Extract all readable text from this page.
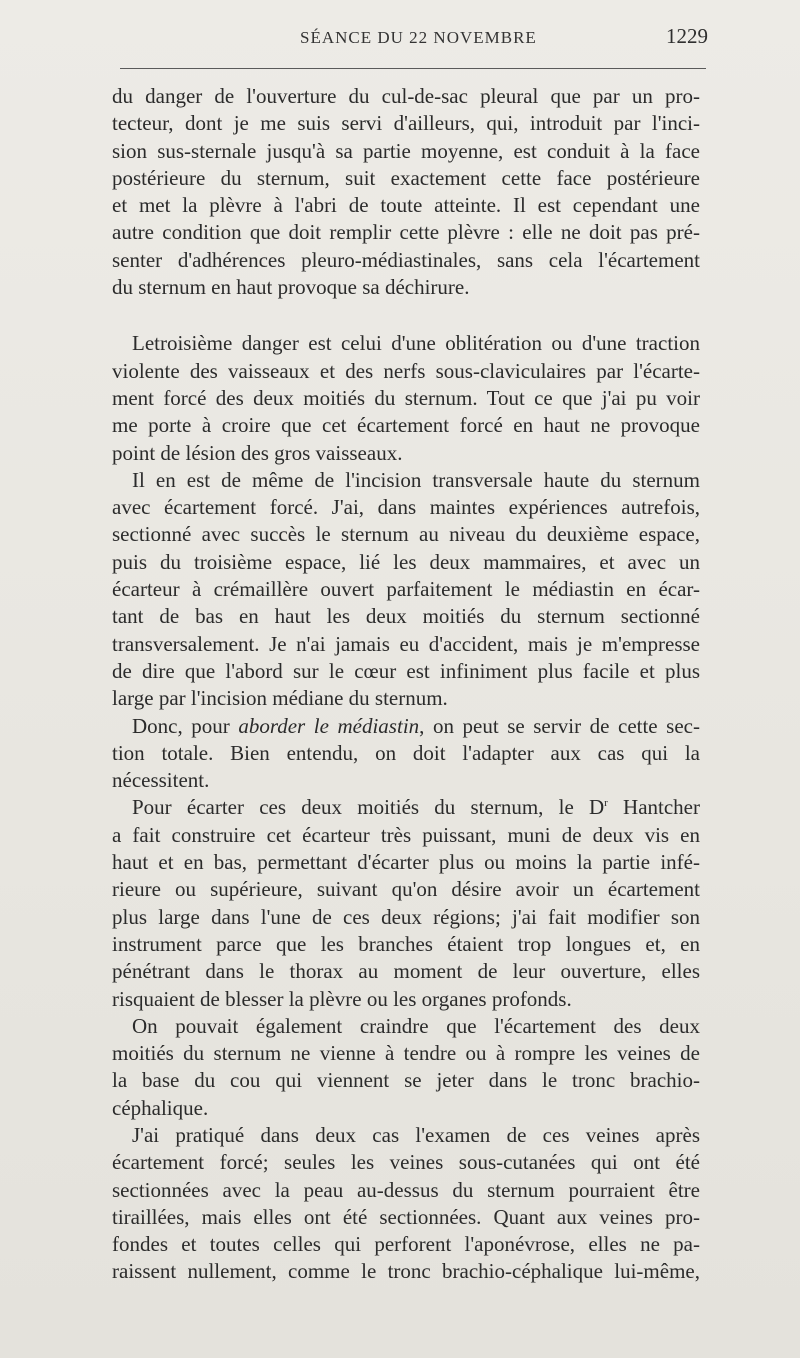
SÉANCE DU 22 NOVEMBRE	1229
du danger de l'ouverture du cul-de-sac pleural que par un pro-
tecteur, dont je me suis servi d'ailleurs, qui, introduit par l'inci-
sion sus-sternale jusqu'à sa partie moyenne, est conduit à la face
postérieure du sternum, suit exactement cette face postérieure
et met la plèvre à l'abri de toute atteinte. Il est cependant une
autre condition que doit remplir cette plèvre : elle ne doit pas pré-
senter d'adhérences pleuro-médiastinales, sans cela l'écartement
du sternum en haut provoque sa déchirure.
Letroisième danger est celui d'une oblitération ou d'une traction
violente des vaisseaux et des nerfs sous-claviculaires par l'écarte-
ment forcé des deux moitiés du sternum. Tout ce que j'ai pu voir
me porte à croire que cet écartement forcé en haut ne provoque
point de lésion des gros vaisseaux.
Il en est de même de l'incision transversale haute du sternum
avec écartement forcé. J'ai, dans maintes expériences autrefois,
sectionné avec succès le sternum au niveau du deuxième espace,
puis du troisième espace, lié les deux mammaires, et avec un
écarteur à crémaillère ouvert parfaitement le médiastin en écar-
tant de bas en haut les deux moitiés du sternum sectionné
transversalement. Je n'ai jamais eu d'accident, mais je m'empresse
de dire que l'abord sur le cœur est infiniment plus facile et plus
large par l'incision médiane du sternum.
Donc, pour aborder le médiastin, on peut se servir de cette sec-
tion totale. Bien entendu, on doit l'adapter aux cas qui la
nécessitent.
Pour écarter ces deux moitiés du sternum, le $D^r$ Hantcher
a fait construire cet écarteur très puissant, muni de deux vis en
haut et en bas, permettant d'écarter plus ou moins la partie infé-
rieure ou supérieure, suivant qu'on désire avoir un écartement
plus large dans l'une de ces deux régions; j'ai fait modifier son
instrument parce que les branches étaient trop longues et, en
pénétrant dans le thorax au moment de leur ouverture, elles
risquaient de blesser la plèvre ou les organes profonds.
On pouvait également craindre que l'écartement des deux
moitiés du sternum ne vienne à tendre ou à rompre les veines de
la base du cou qui viennent se jeter dans le tronc brachio-
céphalique.
J'ai pratiqué dans deux cas l'examen de ces veines après
écartement forcé; seules les veines sous-cutanées qui ont été
sectionnées avec la peau au-dessus du sternum pourraient être
tiraillées, mais elles ont été sectionnées. Quant aux veines pro-
fondes et toutes celles qui perforent l'aponévrose, elles ne pa-
raissent nullement, comme le tronc brachio-céphalique lui-même,
